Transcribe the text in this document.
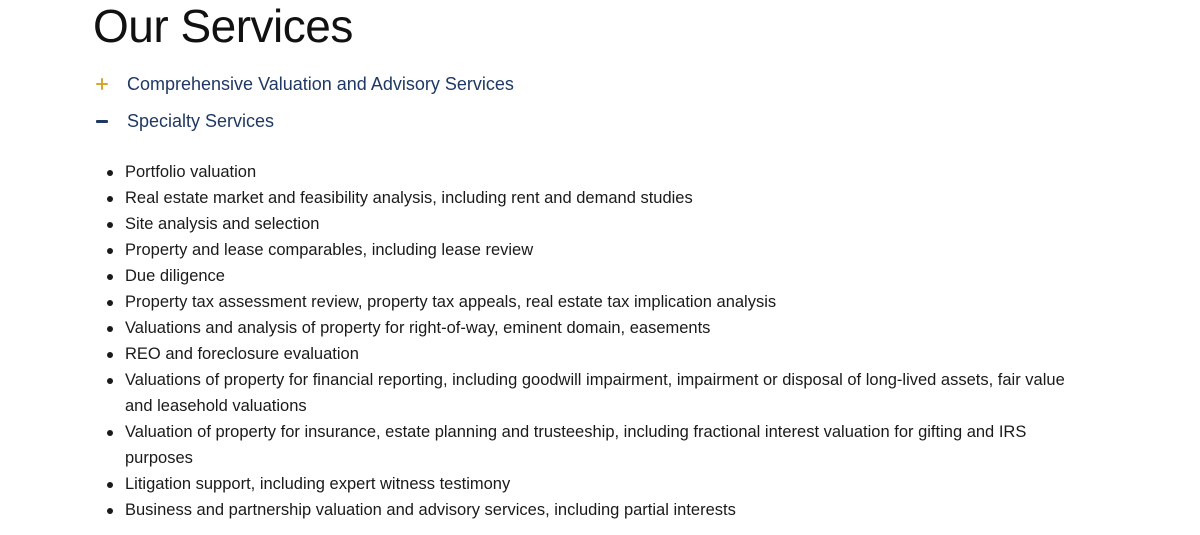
Our Services
Comprehensive Valuation and Advisory Services
Specialty Services
Portfolio valuation
Real estate market and feasibility analysis, including rent and demand studies
Site analysis and selection
Property and lease comparables, including lease review
Due diligence
Property tax assessment review, property tax appeals, real estate tax implication analysis
Valuations and analysis of property for right-of-way, eminent domain, easements
REO and foreclosure evaluation
Valuations of property for financial reporting, including goodwill impairment, impairment or disposal of long-lived assets, fair value and leasehold valuations
Valuation of property for insurance, estate planning and trusteeship, including fractional interest valuation for gifting and IRS purposes
Litigation support, including expert witness testimony
Business and partnership valuation and advisory services, including partial interests
